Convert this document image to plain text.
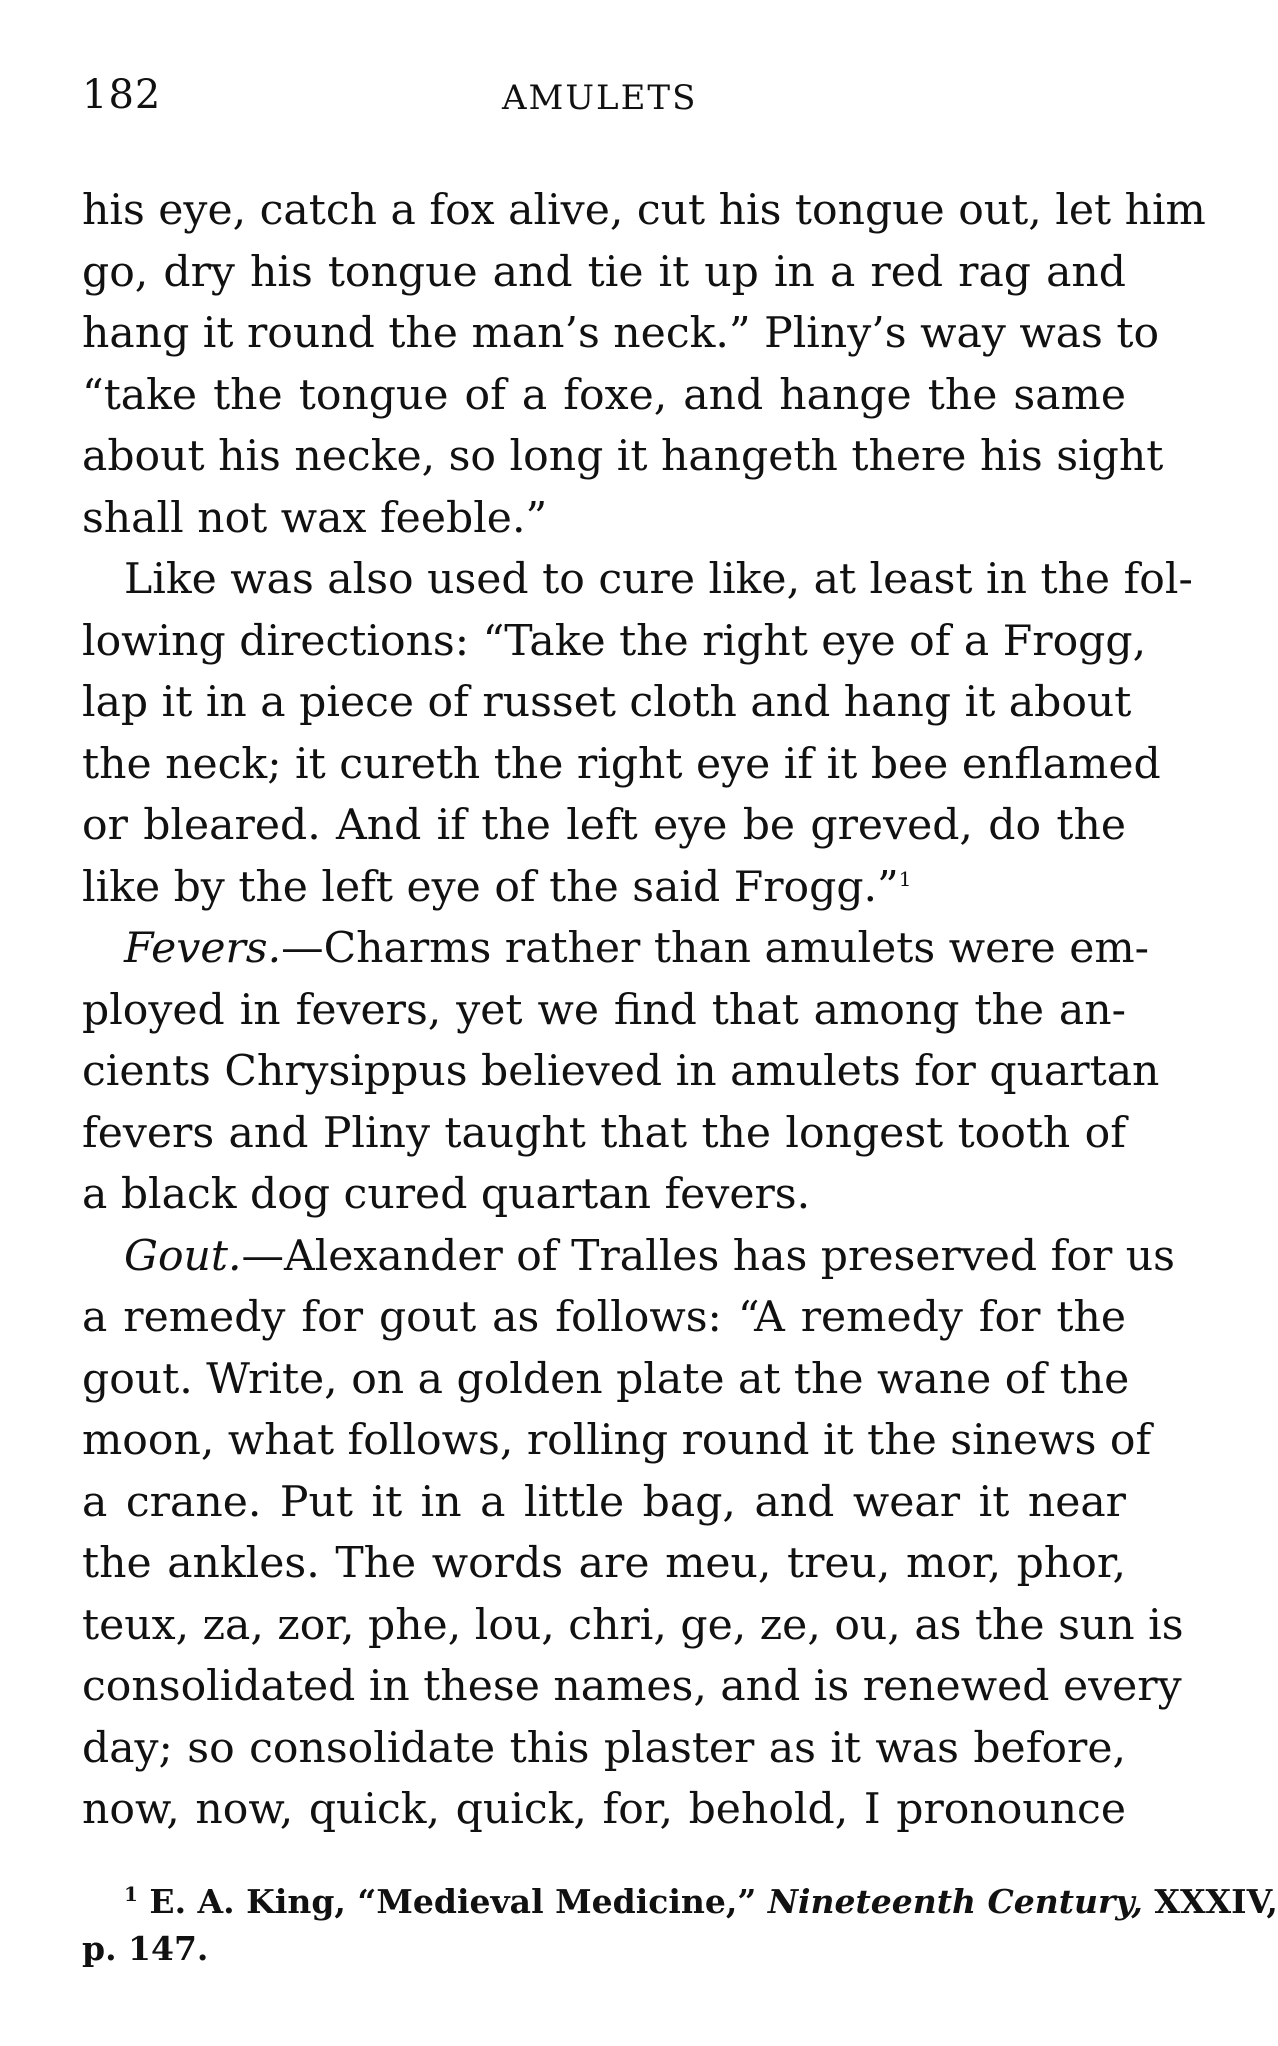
182	AMULETS
his eye, catch a fox alive, cut his tongue out, let him
go, dry his tongue and tie it up in a red rag and
hang it round the man’s neck.” Pliny’s way was to
“take the tongue of a foxe, and hange the same
about his necke, so long it hangeth there his sight
shall not wax feeble.”
Like was also used to cure like, at least in the fol-
lowing directions: “Take the right eye of a Frogg,
lap it in a piece of russet cloth and hang it about
the neck; it cureth the right eye if it bee enflamed
or bleared. And if the left eye be greved, do the
like by the left eye of the said Frogg.”$^1$
Fevers.—Charms rather than amulets were em-
ployed in fevers, yet we find that among the an-
cients Chrysippus believed in amulets for quartan
fevers and Pliny taught that the longest tooth of
a black dog cured quartan fevers.
Gout.—Alexander of Tralles has preserved for us
a remedy for gout as follows: “A remedy for the
gout. Write, on a golden plate at the wane of the
moon, what follows, rolling round it the sinews of
a crane. Put it in a little bag, and wear it near
the ankles. The words are meu, treu, mor, phor,
teux, za, zor, phe, lou, chri, ge, ze, ou, as the sun is
consolidated in these names, and is renewed every
day; so consolidate this plaster as it was before,
now, now, quick, quick, for, behold, I pronounce
$^1$ E. A. King, “Medieval Medicine,” Nineteenth Century, XXXIV,
p. 147.
